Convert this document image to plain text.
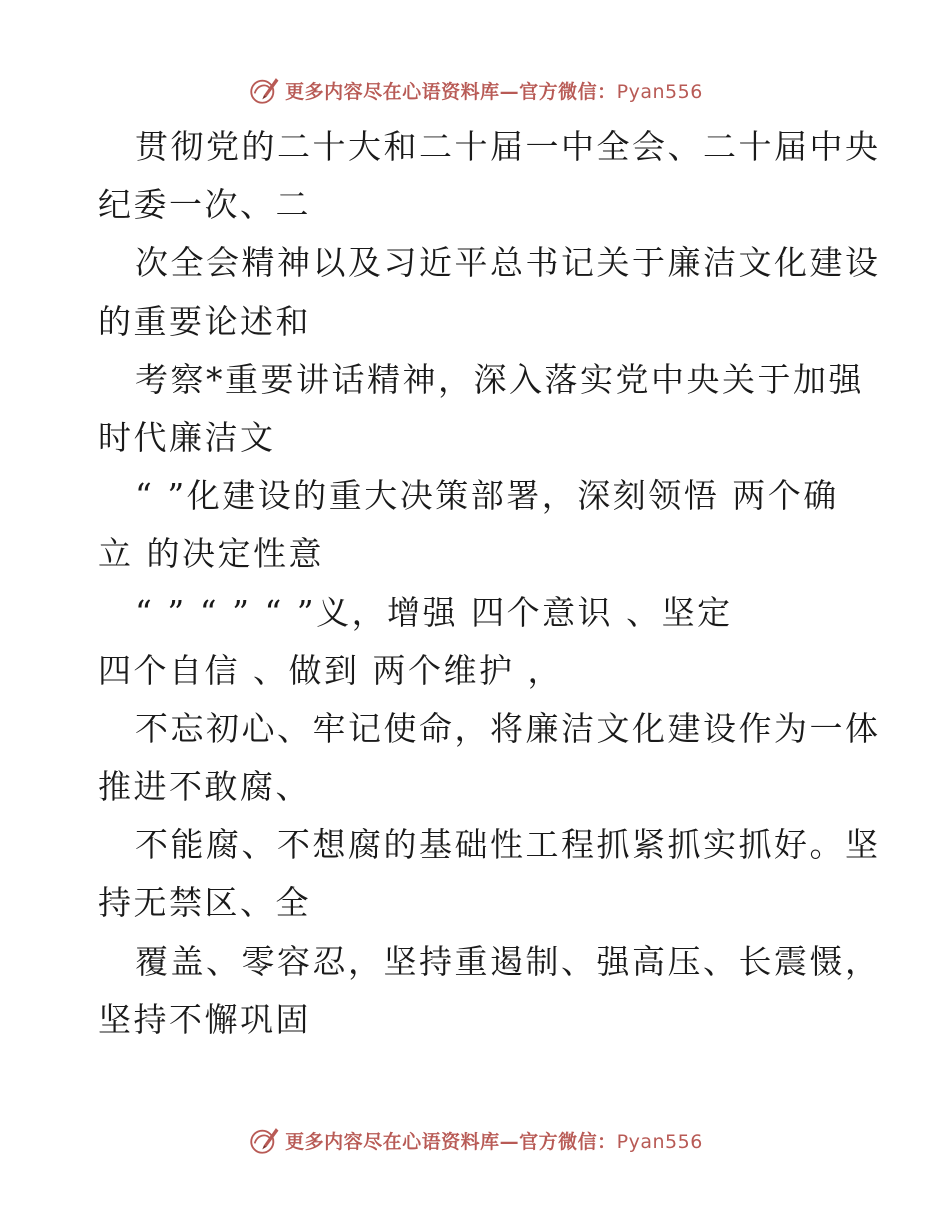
更多内容尽在心语资料库—官方微信：Pyan556
贯彻党的二十大和二十届一中全会、二十届中央
纪委一次、二
次全会精神以及习近平总书记关于廉洁文化建设
的重要论述和
考察*重要讲话精神，深入落实党中央关于加强
时代廉洁文
“ ”化建设的重大决策部署，深刻领悟 两个确
立 的决定性意
“ ” “ ” “ ”义，增强 四个意识 、坚定
四个自信 、做到 两个维护 ，
不忘初心、牢记使命，将廉洁文化建设作为一体
推进不敢腐、
不能腐、不想腐的基础性工程抓紧抓实抓好。坚
持无禁区、全
覆盖、零容忍，坚持重遏制、强高压、长震慑，
坚持不懈巩固
更多内容尽在心语资料库—官方微信：Pyan556
